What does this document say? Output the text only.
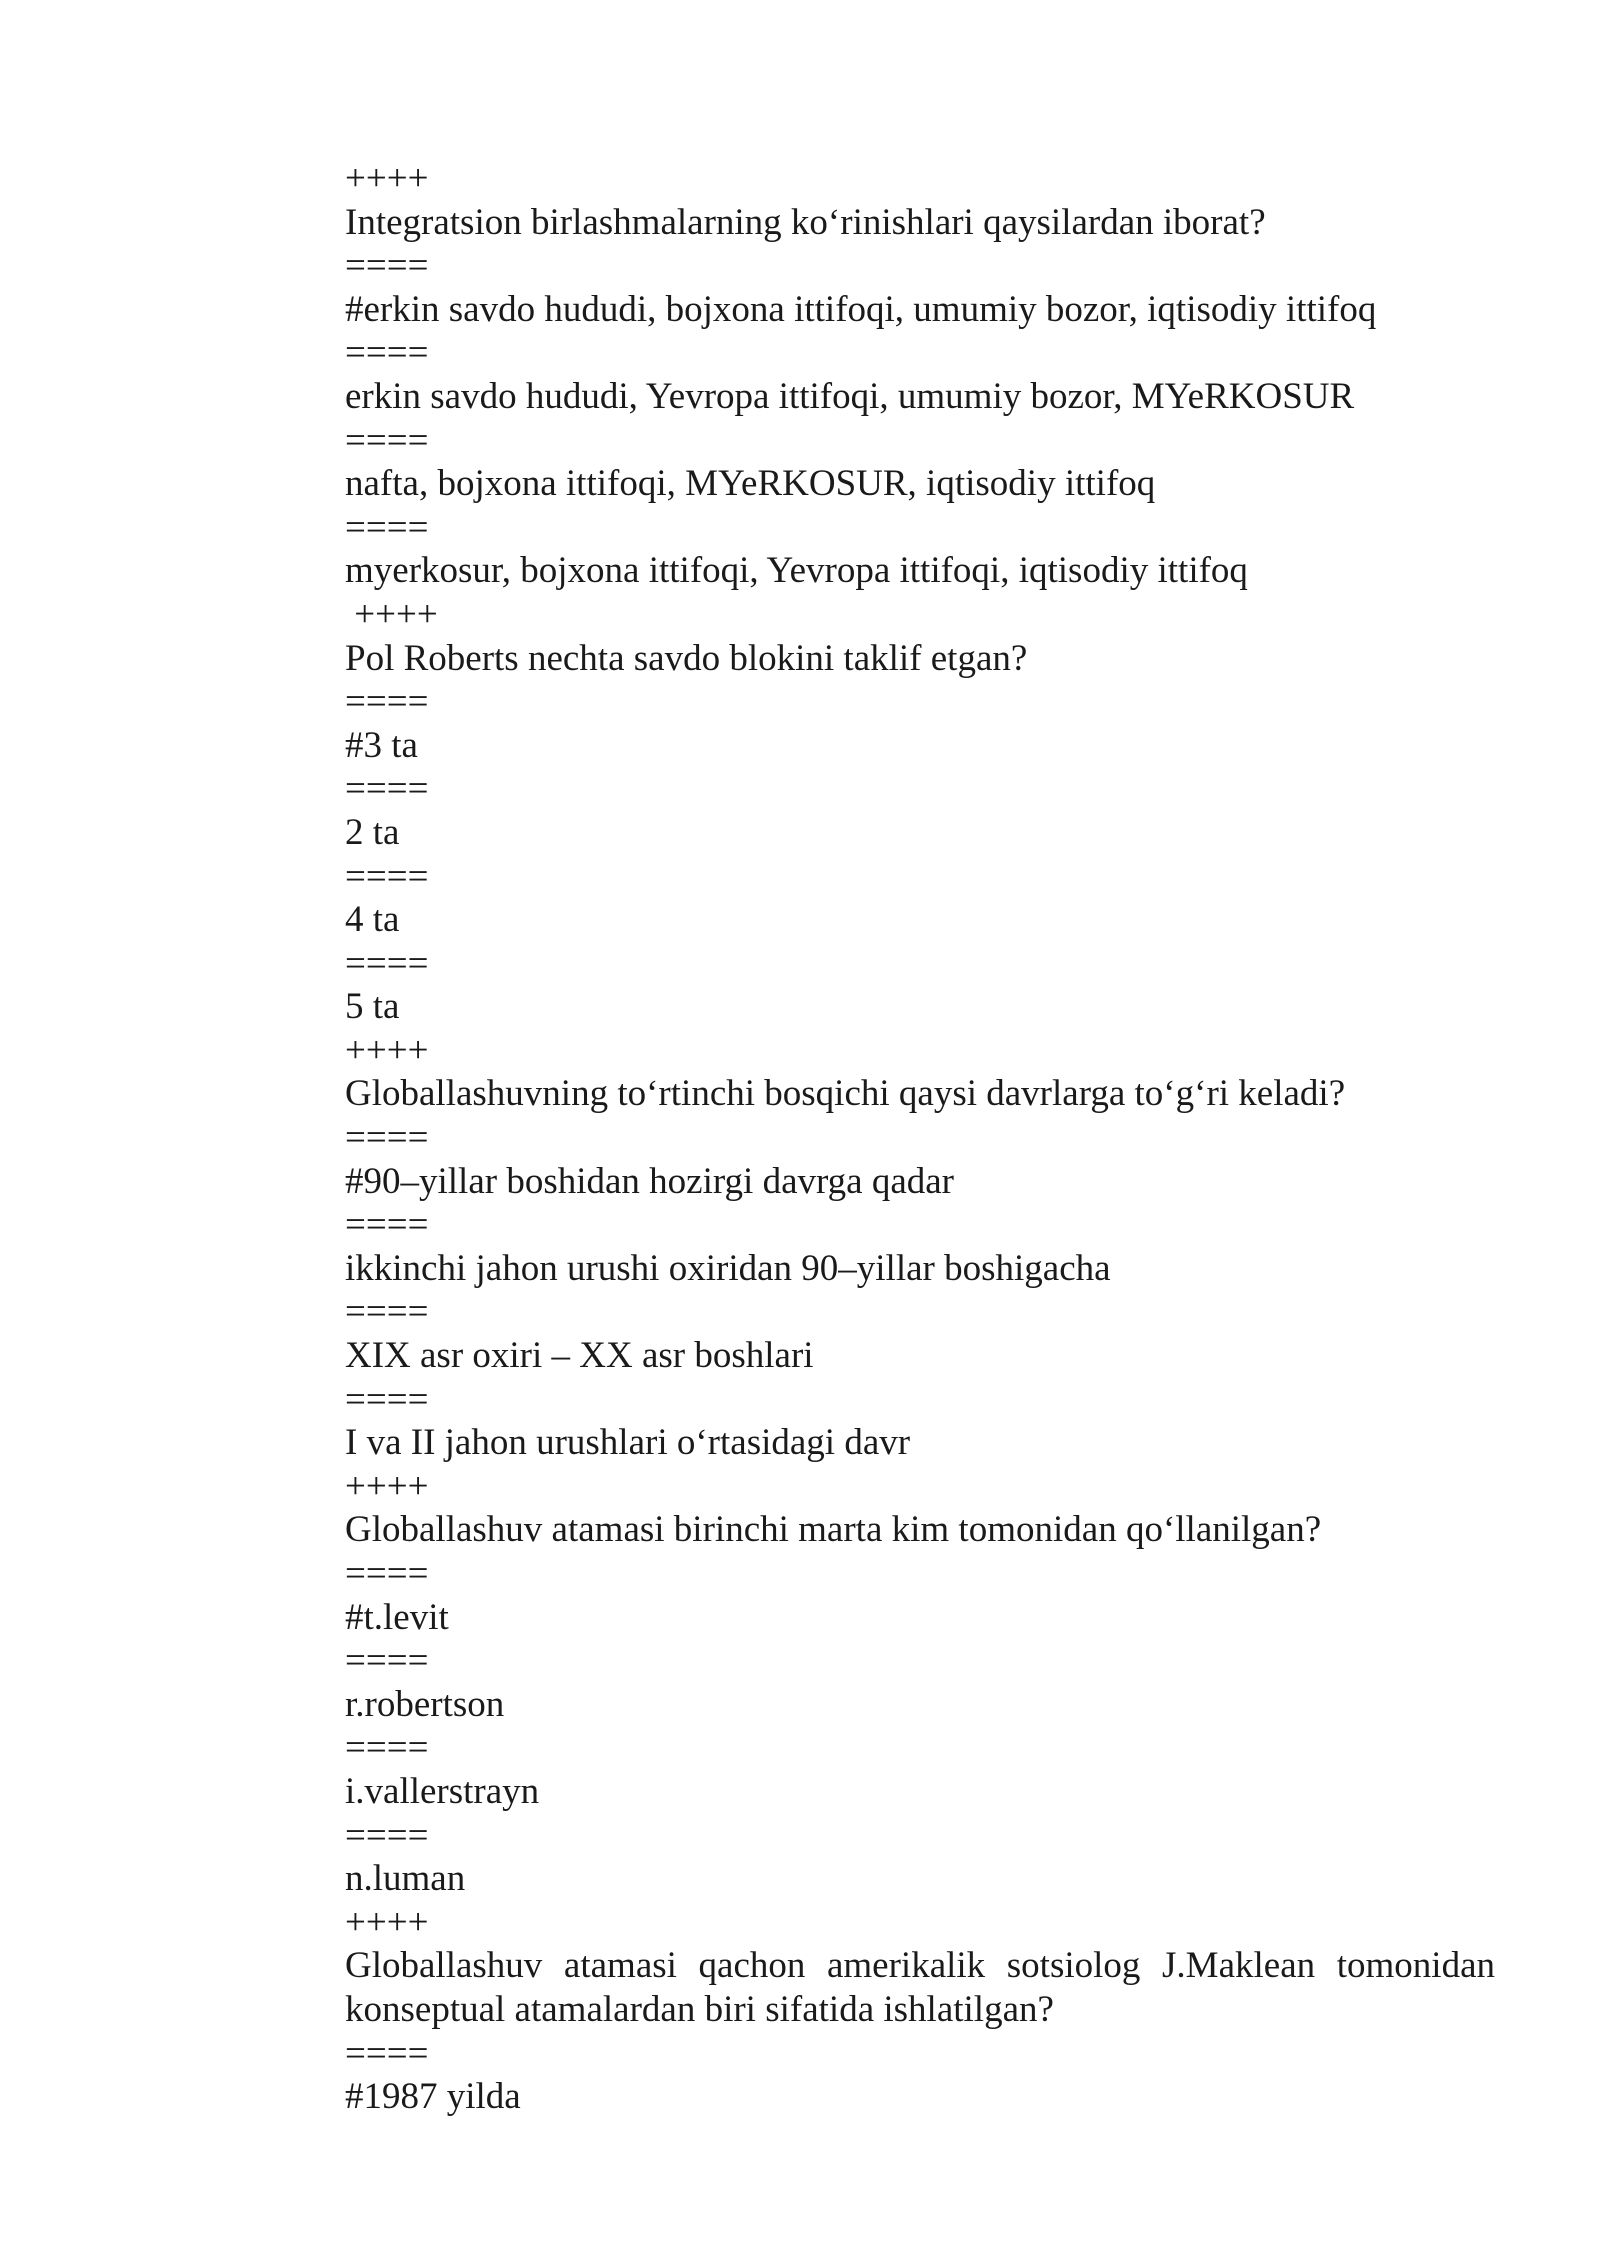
++++
Integratsion birlashmalarning ko‘rinishlari qaysilardan iborat?
====
#erkin savdo hududi, bojxona ittifoqi, umumiy bozor, iqtisodiy ittifoq
====
erkin savdo hududi, Yevropa ittifoqi, umumiy bozor, MYeRKOSUR
====
nafta, bojxona ittifoqi, MYeRKOSUR, iqtisodiy ittifoq
====
myerkosur, bojxona ittifoqi, Yevropa ittifoqi, iqtisodiy ittifoq
++++
Pol Roberts nechta savdo blokini taklif etgan?
====
#3 ta
====
2 ta
====
4 ta
====
5 ta
++++
Globallashuvning to‘rtinchi bosqichi qaysi davrlarga to‘g‘ri keladi?
====
#90–yillar boshidan hozirgi davrga qadar
====
ikkinchi jahon urushi oxiridan 90–yillar boshigacha
====
XIX asr oxiri – XX asr boshlari
====
I va II jahon urushlari o‘rtasidagi davr
++++
Globallashuv atamasi birinchi marta kim tomonidan qo‘llanilgan?
====
#t.levit
====
r.robertson
====
i.vallerstrayn
====
n.luman
++++
Globallashuv atamasi qachon amerikalik sotsiolog J.Maklean tomonidan konseptual atamalardan biri sifatida ishlatilgan?
====
#1987 yilda
